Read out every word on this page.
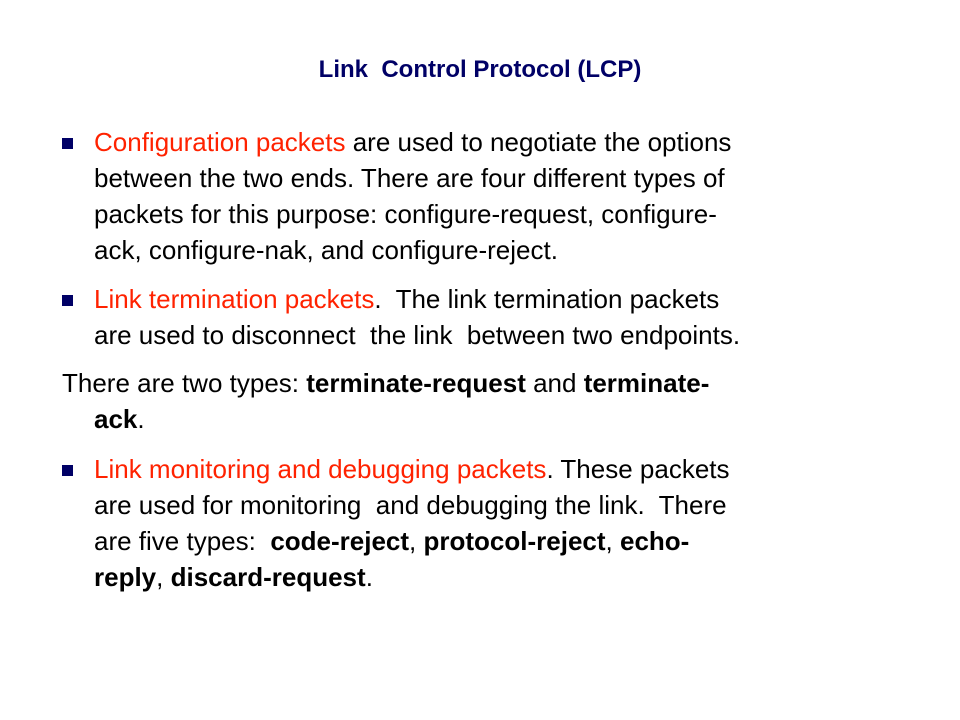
Link  Control Protocol (LCP)
Configuration packets are used to negotiate the options
between the two ends. There are four different types of
packets for this purpose: configure-request, configure-
ack, configure-nak, and configure-reject.
Link termination packets.  The link termination packets
are used to disconnect  the link  between two endpoints.
There are two types: terminate-request and terminate-
ack.
Link monitoring and debugging packets. These packets
are used for monitoring  and debugging the link.  There
are five types:  code-reject, protocol-reject, echo-
reply, discard-request.
